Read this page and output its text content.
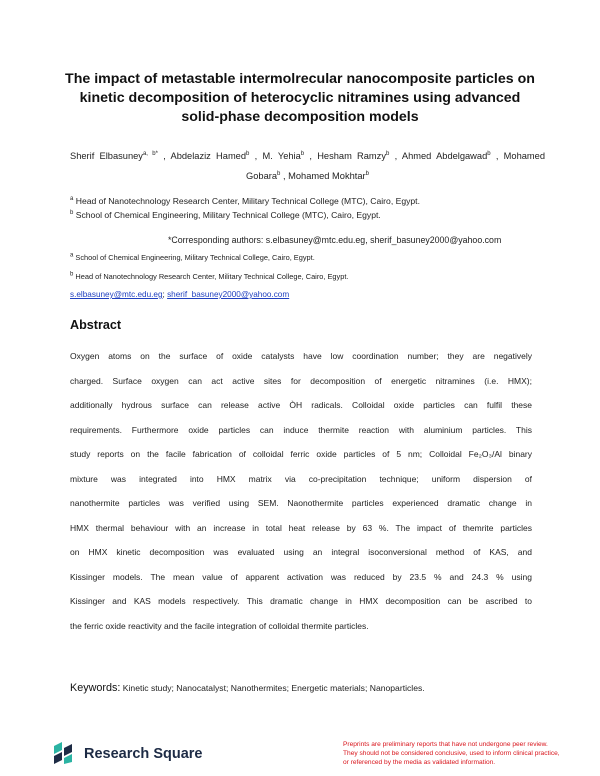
The impact of metastable intermolrecular nanocomposite particles on
kinetic decomposition of heterocyclic nitramines using advanced
solid-phase decomposition models
Sherif Elbasuney$^{a, b*}$ , Abdelaziz Hamed$^b$ , M. Yehia$^b$ , Hesham Ramzy$^b$ , Ahmed Abdelgawad$^b$ , Mohamed
Gobara$^b$ , Mohamed Mokhtar$^b$
$^a$ Head of Nanotechnology Research Center, Military Technical College (MTC), Cairo, Egypt.
$^b$ School of Chemical Engineering, Military Technical College (MTC), Cairo, Egypt.
*Corresponding authors: s.elbasuney@mtc.edu.eg, sherif_basuney2000@yahoo.com
$^a$ School of Chemical Engineering, Military Technical College, Cairo, Egypt.
$^b$ Head of Nanotechnology Research Center, Military Technical College, Cairo, Egypt.
s.elbasuney@mtc.edu.eg; sherif_basuney2000@yahoo.com
Abstract
Oxygen atoms on the surface of oxide catalysts have low coordination number; they are negatively
charged. Surface oxygen can act active sites for decomposition of energetic nitramines (i.e. HMX);
additionally hydrous surface can release active ÒH radicals. Colloidal oxide particles can fulfil these
requirements. Furthermore oxide particles can induce thermite reaction with aluminium particles. This
study reports on the facile fabrication of colloidal ferric oxide particles of 5 nm; Colloidal Fe₂O₃/Al binary
mixture was integrated into HMX matrix via co-precipitation technique; uniform dispersion of
nanothermite particles was verified using SEM. Naonothermite particles experienced dramatic change in
HMX thermal behaviour with an increase in total heat release by 63 %. The impact of themrite particles
on HMX kinetic decomposition was evaluated using an integral isoconversional method of KAS, and
Kissinger models. The mean value of apparent activation was reduced by 23.5 % and 24.3 % using
Kissinger and KAS models respectively. This dramatic change in HMX decomposition can be ascribed to
the ferric oxide reactivity and the facile integration of colloidal thermite particles.
Keywords: Kinetic study; Nanocatalyst; Nanothermites; Energetic materials; Nanoparticles.
Research Square
Preprints are preliminary reports that have not undergone peer review.
They should not be considered conclusive, used to inform clinical practice,
or referenced by the media as validated information.
